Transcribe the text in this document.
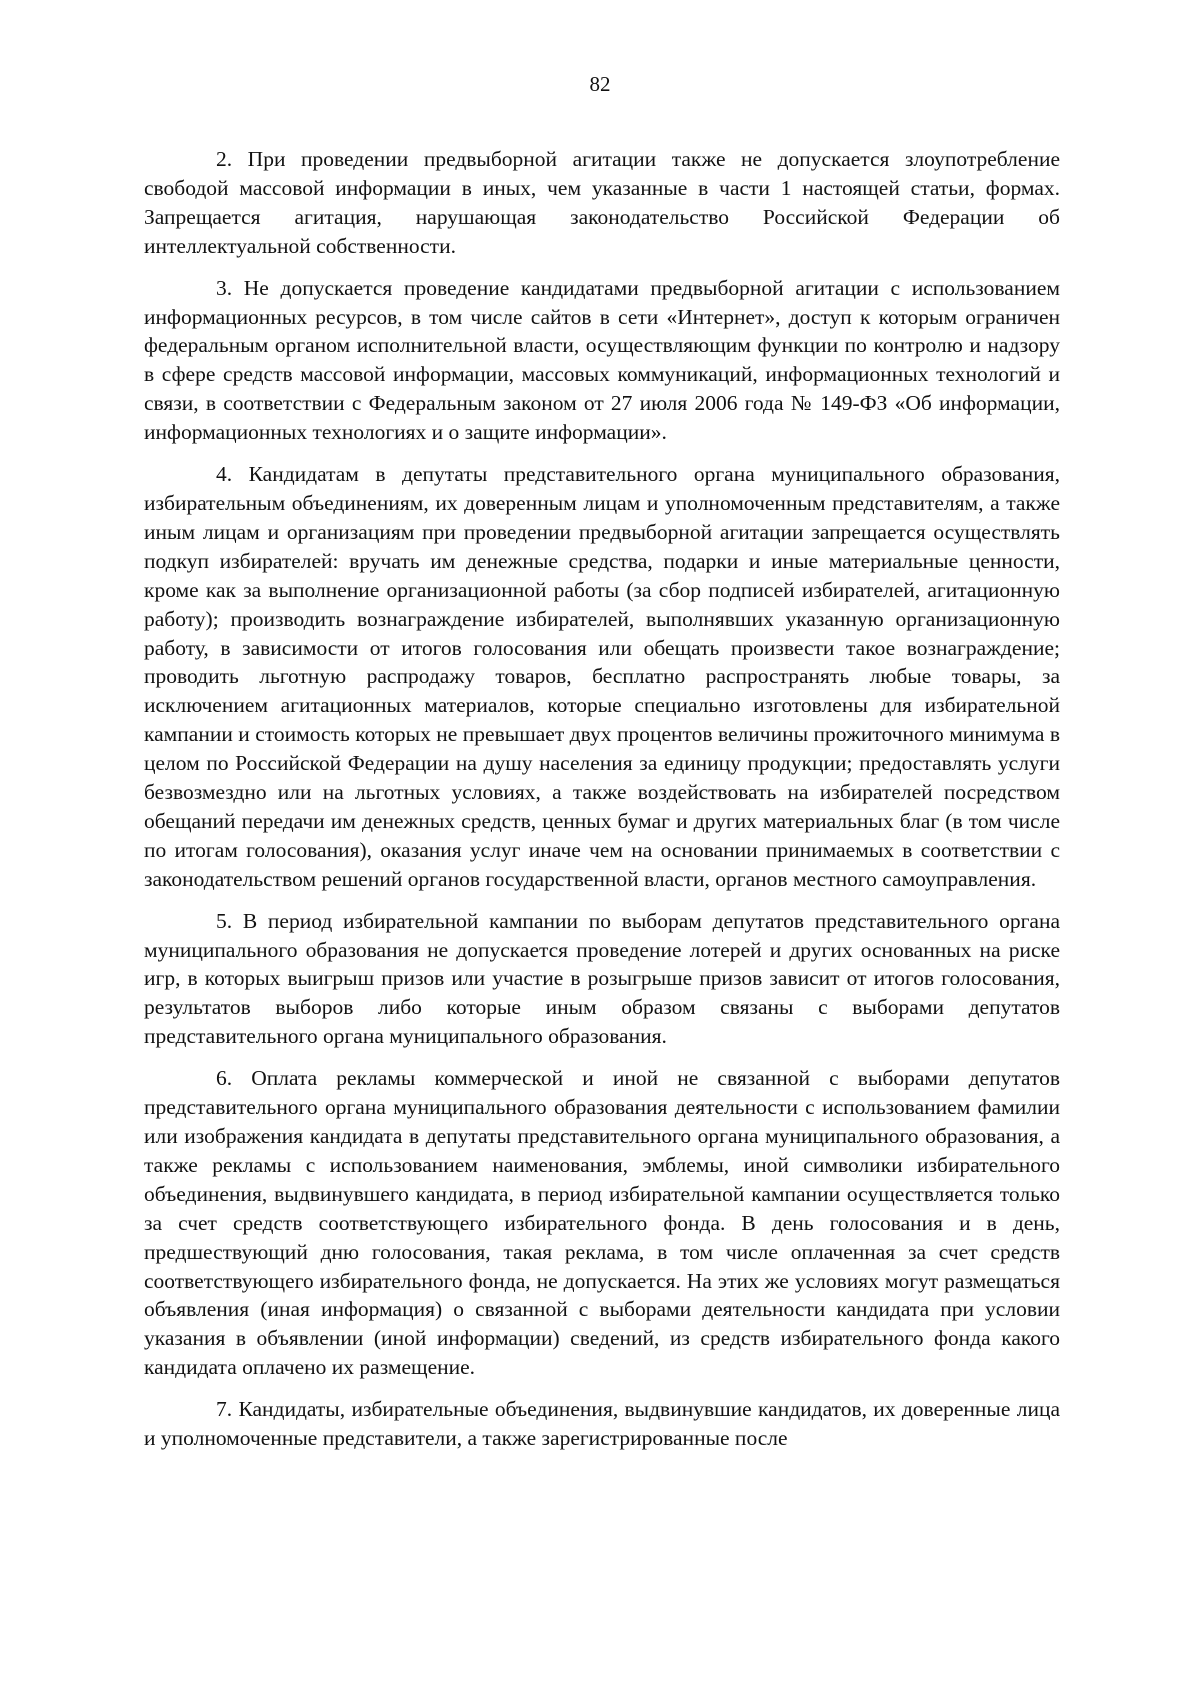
82

2. При проведении предвыборной агитации также не допускается злоупотребление свободой массовой информации в иных, чем указанные в части 1 настоящей статьи, формах. Запрещается агитация, нарушающая законодательство Российской Федерации об интеллектуальной собственности.

3. Не допускается проведение кандидатами предвыборной агитации с использованием информационных ресурсов, в том числе сайтов в сети «Интернет», доступ к которым ограничен федеральным органом исполнительной власти, осуществляющим функции по контролю и надзору в сфере средств массовой информации, массовых коммуникаций, информационных технологий и связи, в соответствии с Федеральным законом от 27 июля 2006 года № 149-ФЗ «Об информации, информационных технологиях и о защите информации».

4. Кандидатам в депутаты представительного органа муниципального образования, избирательным объединениям, их доверенным лицам и уполномоченным представителям, а также иным лицам и организациям при проведении предвыборной агитации запрещается осуществлять подкуп избирателей: вручать им денежные средства, подарки и иные материальные ценности, кроме как за выполнение организационной работы (за сбор подписей избирателей, агитационную работу); производить вознаграждение избирателей, выполнявших указанную организационную работу, в зависимости от итогов голосования или обещать произвести такое вознаграждение; проводить льготную распродажу товаров, бесплатно распространять любые товары, за исключением агитационных материалов, которые специально изготовлены для избирательной кампании и стоимость которых не превышает двух процентов величины прожиточного минимума в целом по Российской Федерации на душу населения за единицу продукции; предоставлять услуги безвозмездно или на льготных условиях, а также воздействовать на избирателей посредством обещаний передачи им денежных средств, ценных бумаг и других материальных благ (в том числе по итогам голосования), оказания услуг иначе чем на основании принимаемых в соответствии с законодательством решений органов государственной власти, органов местного самоуправления.

5. В период избирательной кампании по выборам депутатов представительного органа муниципального образования не допускается проведение лотерей и других основанных на риске игр, в которых выигрыш призов или участие в розыгрыше призов зависит от итогов голосования, результатов выборов либо которые иным образом связаны с выборами депутатов представительного органа муниципального образования.

6. Оплата рекламы коммерческой и иной не связанной с выборами депутатов представительного органа муниципального образования деятельности с использованием фамилии или изображения кандидата в депутаты представительного органа муниципального образования, а также рекламы с использованием наименования, эмблемы, иной символики избирательного объединения, выдвинувшего кандидата, в период избирательной кампании осуществляется только за счет средств соответствующего избирательного фонда. В день голосования и в день, предшествующий дню голосования, такая реклама, в том числе оплаченная за счет средств соответствующего избирательного фонда, не допускается. На этих же условиях могут размещаться объявления (иная информация) о связанной с выборами деятельности кандидата при условии указания в объявлении (иной информации) сведений, из средств избирательного фонда какого кандидата оплачено их размещение.

7. Кандидаты, избирательные объединения, выдвинувшие кандидатов, их доверенные лица и уполномоченные представители, а также зарегистрированные после
